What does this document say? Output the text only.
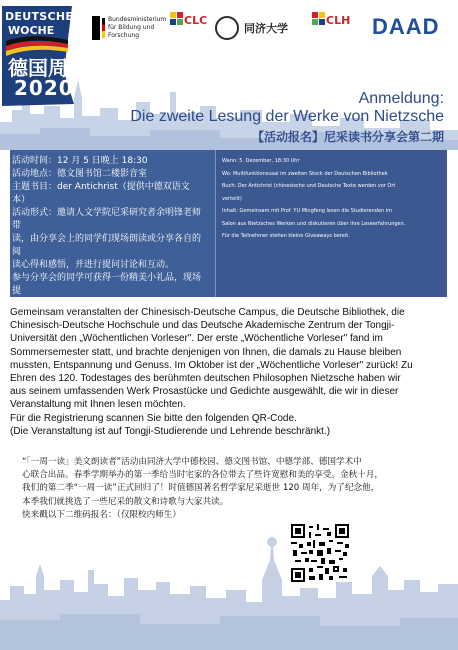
DEUTSCHE
WOCHE
德国周
2020
Bundesministerium für Bildung und Forschung
CLC
同济大学
CLH DAAD
Anmeldung:
Die zweite Lesung der Werke von Nietzsche
【活动报名】尼采读书分享会第二期
活动时间：12 月 5 日晚上 18:30
活动地点：德文图书馆二楼影音室
主题书目：der Antichrist（提供中德双语文本）
活动形式：邀请人文学院尼采研究者余明锋老师带
读，由分享会上的同学们现场朗读或分享各自的阅
读心得和感悟，并进行提问讨论和互动。
参与分享会的同学可获得一份精美小礼品，现场提
问互动者也有机会获得一份小礼品。
Wann: 5. Dezember, 18:30 Uhr
Wo: Multifunktionssaal im zweiten Stock der Deutschen Bibliothek
Buch: Der Antichrist (chinesische und Deutsche Texte werden vor Ort
verteilt)
Inhalt: Gemeinsam mit Prof. YU Mingfeng lesen die Studierenden im
Salon aus Nietzsches Werken und diskutieren über ihre Leseerfahrungen.
Für die Teilnehmer stehen kleine Giveaways bereit.
Gemeinsam veranstalten der Chinesisch-Deutsche Campus, die Deutsche Bibliothek, die
Chinesisch-Deutsche Hochschule und das Deutsche Akademische Zentrum der Tongji-
Universität den „Wöchentlichen Vorleser". Der erste „Wöchentliche Vorleser" fand im
Sommersemester statt, und brachte denjenigen von Ihnen, die damals zu Hause bleiben
mussten, Entspannung und Genuss. Im Oktober ist der „Wöchentliche Vorleser" zurück! Zu
Ehren des 120. Todestages des berühmten deutschen Philosophen Nietzsche haben wir
aus seinem umfassenden Werk Prosastücke und Gedichte ausgewählt, die wir in dieser
Veranstaltung mit Ihnen lesen möchten.
Für die Registrierung scannen Sie bitte den folgenden QR-Code.
(Die Veranstaltung ist auf Tongji-Studierende und Lehrende beschränkt.)
“「一周一读」美文朗读者”活动由同济大学中德校园、德文图书馆、中德学部、德国学术中
心联合出品。春季学期举办的第一季给当时宅家的各位带去了些许宽慰和美的享受。金秋十月，
我们的第二季“一周一读”正式回归了！时值德国著名哲学家尼采逝世 120 周年，为了纪念他，
本季我们就挑选了一些尼采的散文和诗歌与大家共读。
快来戳以下二维码报名：（仅限校内师生）
